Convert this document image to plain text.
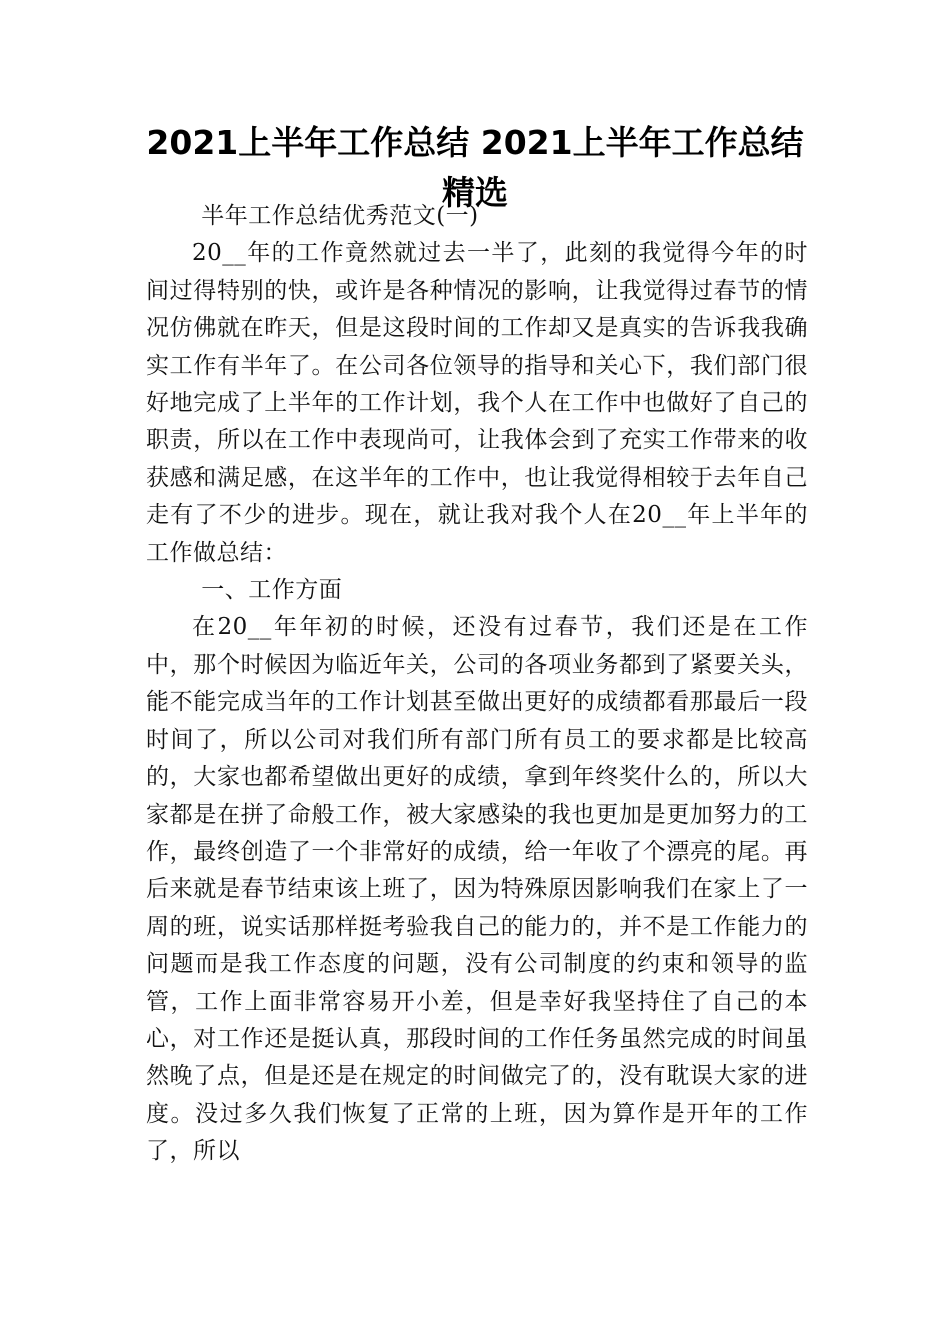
2021上半年工作总结 2021上半年工作总结精选

半年工作总结优秀范文(一)

20__年的工作竟然就过去一半了，此刻的我觉得今年的时间过得特别的快，或许是各种情况的影响，让我觉得过春节的情况仿佛就在昨天，但是这段时间的工作却又是真实的告诉我我确实工作有半年了。在公司各位领导的指导和关心下，我们部门很好地完成了上半年的工作计划，我个人在工作中也做好了自己的职责，所以在工作中表现尚可，让我体会到了充实工作带来的收获感和满足感，在这半年的工作中，也让我觉得相较于去年自己走有了不少的进步。现在，就让我对我个人在20__年上半年的工作做总结：

一、工作方面

在20__年年初的时候，还没有过春节，我们还是在工作中，那个时候因为临近年关，公司的各项业务都到了紧要关头，能不能完成当年的工作计划甚至做出更好的成绩都看那最后一段时间了，所以公司对我们所有部门所有员工的要求都是比较高的，大家也都希望做出更好的成绩，拿到年终奖什么的，所以大家都是在拼了命般工作，被大家感染的我也更加是更加努力的工作，最终创造了一个非常好的成绩，给一年收了个漂亮的尾。再后来就是春节结束该上班了，因为特殊原因影响我们在家上了一周的班，说实话那样挺考验我自己的能力的，并不是工作能力的问题而是我工作态度的问题，没有公司制度的约束和领导的监管，工作上面非常容易开小差，但是幸好我坚持住了自己的本心，对工作还是挺认真，那段时间的工作任务虽然完成的时间虽然晚了点，但是还是在规定的时间做完了的，没有耽误大家的进度。没过多久我们恢复了正常的上班，因为算作是开年的工作了，所以
